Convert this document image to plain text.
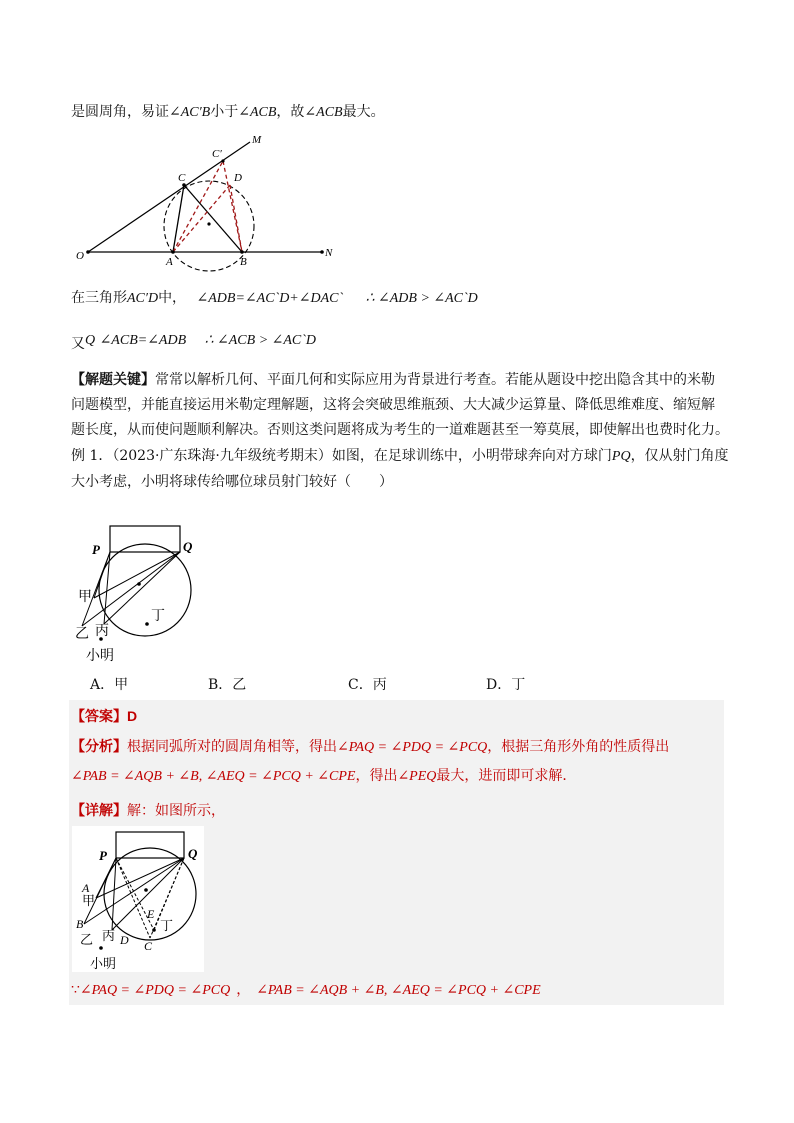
是圆周角，易证∠AC′B小于∠ACB，故∠ACB最大。
O	A	B
N
C
C′
D
M
在三角形AC′D中， ∠ADB=∠AC`D+∠DAC` ∴ ∠ADB > ∠AC`D
又Q ∠ACB=∠ADB ∴ ∠ACB > ∠AC`D
【解题关键】常常以解析几何、平面几何和实际应用为背景进行考查。若能从题设中挖出隐含其中的米勒
问题模型，并能直接运用米勒定理解题，这将会突破思维瓶颈、大大减少运算量、降低思维难度、缩短解
题长度，从而使问题顺利解决。否则这类问题将成为考生的一道难题甚至一筹莫展，即使解出也费时化力。
例 1．（2023·广东珠海·九年级统考期末）如图，在足球训练中，小明带球奔向对方球门PQ，仅从射门角度
大小考虑，小明将球传给哪位球员射门较好（　　）
P	Q
甲
乙 丙
丁
小明
A．甲	B．乙	C．丙	D．丁
【答案】D
【分析】根据同弧所对的圆周角相等，得出∠PAQ = ∠PDQ = ∠PCQ，根据三角形外角的性质得出
∠PAB = ∠AQB + ∠B, ∠AEQ = ∠PCQ + ∠CPE，得出∠PEQ最大，进而即可求解．
【详解】解：如图所示，
P	Q
A
甲
B
乙 丙 D
E
丁
C
小明
∵∠PAQ = ∠PDQ = ∠PCQ ， ∠PAB = ∠AQB + ∠B, ∠AEQ = ∠PCQ + ∠CPE
